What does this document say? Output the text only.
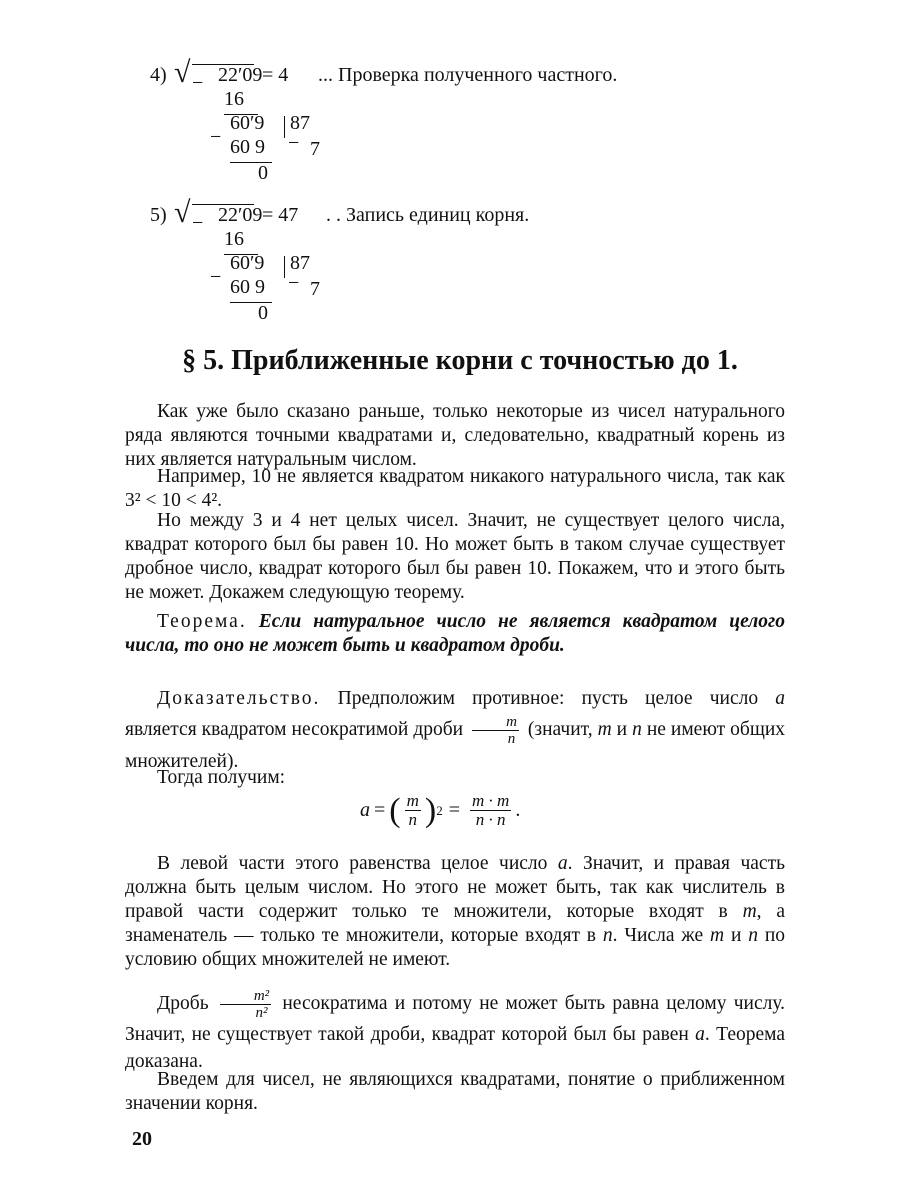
4) √ − 22′09 = 4 ... Проверка полученного частного.
16
−
60′9 87
60 9 − 7
0
5) √ − 22′09 = 47 . . Запись единиц корня.
16
−
60′9 87
60 9 − 7
0
§ 5. Приближенные корни с точностью до 1.

Как уже было сказано раньше, только некоторые из чисел натурального ряда являются точными квадратами и, следовательно, квадратный корень из них является натуральным числом.

Например, 10 не является квадратом никакого натурального числа, так как 3² < 10 < 4².

Но между 3 и 4 нет целых чисел. Значит, не существует целого числа, квадрат которого был бы равен 10. Но может быть в таком случае существует дробное число, квадрат которого был бы равен 10. Покажем, что и этого быть не может. Докажем следующую теорему.

Теорема. Если натуральное число не является квадратом целого числа, то оно не может быть и квадратом дроби.

Доказательство. Предположим противное: пусть целое число a является квадратом несократимой дроби $\frac{m}{n}$ (значит, m и n не имеют общих множителей).

Тогда получим:

a = ( $\frac{m}{n}$ ) $2 = \frac{m \cdot m}{n \cdot n}$ .

В левой части этого равенства целое число a. Значит, и правая часть должна быть целым числом. Но этого не может быть, так как числитель в правой части содержит только те множители, которые входят в m, а знаменатель — только те множители, которые входят в n. Числа же m и n по условию общих множителей не имеют.

Дробь $\frac{\text{m²}}{\text{n²}}$ несократима и потому не может быть равна целому числу. Значит, не существует такой дроби, квадрат которой был бы равен a. Теорема доказана.

Введем для чисел, не являющихся квадратами, понятие о приближенном значении корня.

20
